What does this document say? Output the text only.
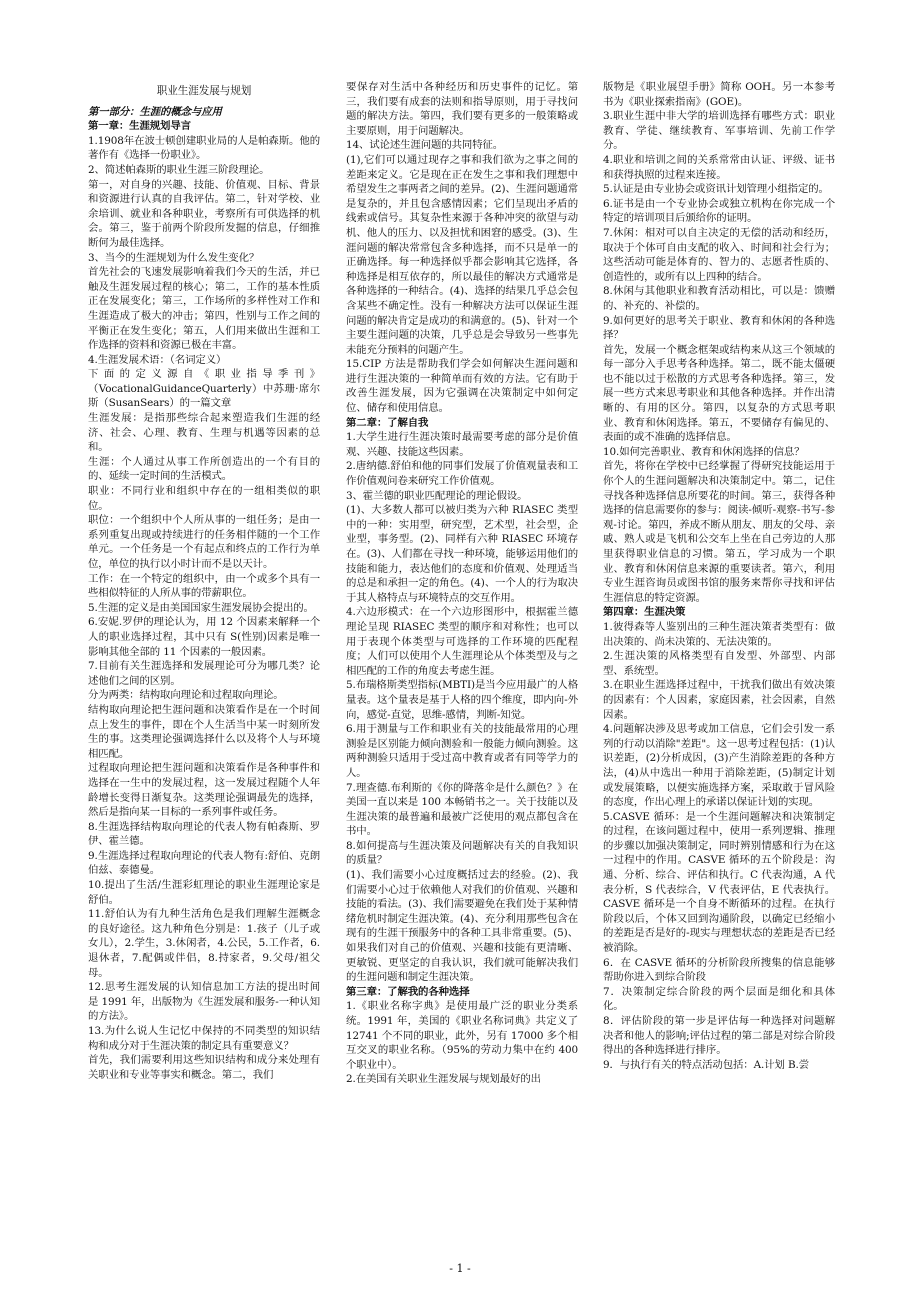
职业生涯发展与规划

第一部分：生涯的概念与应用

第一章：生涯规划导言

1.1908年在波士顿创建职业局的人是帕森斯。他的著作有《选择一份职业》。

2、简述帕森斯的职业生涯三阶段理论。

第一，对自身的兴趣、技能、价值观、目标、背景和资源进行认真的自我评估。第二，针对学校、业余培训、就业和各种职业，考察所有可供选择的机会。第三，鉴于前两个阶段所发掘的信息，仔细推断何为最佳选择。

3、当今的生涯规划为什么发生变化？

首先社会的飞速发展影响着我们今天的生活，并已触及生涯发展过程的核心；第二，工作的基本性质正在发展变化；第三，工作场所的多样性对工作和生涯造成了极大的冲击；第四，性别与工作之间的平衡正在发生变化；第五，人们用来做出生涯和工作选择的资料和资源已极在丰富。

4.生涯发展术语：（名词定义）

下面的定义源自《职业指导季刊》（VocationalGuidanceQuarterly）中苏珊·席尔斯（SusanSears）的一篇文章

生涯发展：是指那些综合起来塑造我们生涯的经济、社会、心理、教育、生理与机遇等因素的总和。

生涯：个人通过从事工作所创造出的一个有目的的、延续一定时间的生活模式。

职业：不同行业和组织中存在的一组相类似的职位。

职位：一个组织中个人所从事的一组任务；是由一系列重复出现或持续进行的任务相伴随的一个工作单元。一个任务是一个有起点和终点的工作行为单位，单位的执行以小时计而不是以天计。

工作：在一个特定的组织中，由一个或多个具有一些相似特征的人所从事的带薪职位。

5.生涯的定义是由美国国家生涯发展协会提出的。

6.安妮.罗伊的理论认为，用 12 个因素来解释一个人的职业选择过程，其中只有 S(性别)因素是唯一影响其他全部的 11 个因素的一般因素。

7.目前有关生涯选择和发展理论可分为哪几类？论述他们之间的区别。

分为两类：结构取向理论和过程取向理论。

结构取向理论把生涯问题和决策看作是在一个时间点上发生的事件，即在个人生活当中某一时刻所发生的事。这类理论强调选择什么以及将个人与环境相匹配。

过程取向理论把生涯问题和决策看作是各种事件和选择在一生中的发展过程，这一发展过程随个人年龄增长变得日渐复杂。这类理论强调最先的选择，然后是指向某一目标的一系列事件或任务。

8.生涯选择结构取向理论的代表人物有帕森斯、罗伊、霍兰德。

9.生涯选择过程取向理论的代表人物有:舒伯、克朗伯兹、泰德曼。

10.提出了生活/生涯彩虹理论的职业生涯理论家是舒伯。

11.舒伯认为有九种生活角色是我们理解生涯概念的良好途径。这九种角色分别是：1.孩子（儿子或女儿），2.学生，3.休闲者，4.公民，5.工作者，6.退休者，7.配偶或伴侣，8.持家者，9.父母/祖父母。

12.思考生涯发展的认知信息加工方法的提出时间是 1991 年，出版物为《生涯发展和服务-一种认知的方法》。

13.为什么说人生记忆中保持的不同类型的知识结构和成分对于生涯决策的制定具有重要意义？

首先，我们需要利用这些知识结构和成分来处理有关职业和专业等事实和概念。第二，我们

要保存对生活中各种经历和历史事件的记忆。第三，我们要有成套的法则和指导原则，用于寻找问题的解决方法。第四，我们要有更多的一般策略或主要原则，用于问题解决。

14、试论述生涯问题的共同特征。

(1),它们可以通过现存之事和我们欲为之事之间的差距来定义。它是现在正在发生之事和我们理想中希望发生之事两者之间的差异。(2)、生涯问题通常是复杂的，并且包含感情因素；它们呈现出矛盾的线索或信号。其复杂性来源于各种冲突的欲望与动机、他人的压力、以及担忧和困窘的感受。(3)、生涯问题的解决常常包含多种选择，而不只是单一的正确选择。每一种选择似乎都会影响其它选择，各种选择是相互依存的，所以最佳的解决方式通常是各种选择的一种结合。(4)、选择的结果几乎总会包含某些不确定性。没有一种解决方法可以保证生涯问题的解决肯定是成功的和满意的。(5)、针对一个主要生涯问题的决策，几乎总是会导致另一些事先未能充分预料的问题产生。

15.CIP 方法是帮助我们学会如何解决生涯问题和进行生涯决策的一种简单而有效的方法。它有助于改善生涯发展，因为它强调在决策制定中如何定位、储存和使用信息。

第二章：了解自我

1.大学生进行生涯决策时最需要考虑的部分是价值观、兴趣、技能这些因素。

2.唐纳德.舒伯和他的同事们发展了价值观量表和工作价值观问卷来研究工作价值观。

3、霍兰德的职业匹配理论的理论假设。

(1)、大多数人都可以被归类为六种 RIASEC 类型中的一种：实用型，研究型，艺术型，社会型，企业型，事务型。(2)、同样有六种 RIASEC 环境存在。(3)、人们都在寻找一种环境，能够运用他们的技能和能力，表达他们的态度和价值观、处理适当的总是和承担一定的角色。(4)、一个人的行为取决于其人格特点与环境特点的交互作用。

4.六边形模式：在一个六边形图形中，根据霍兰德理论呈现 RIASEC 类型的顺序和对称性；也可以用于表现个体类型与可选择的工作环境的匹配程度；人们可以使用个人生涯理论从个体类型及与之相匹配的工作的角度去考虑生涯。

5.布瑞格斯类型指标(MBTI)是当今应用最广的人格量表。这个量表是基于人格的四个维度，即内向-外向，感觉-直觉，思维-感情，判断-知觉。

6.用于测量与工作和职业有关的技能最常用的心理测验是区别能力倾向测验和一般能力倾向测验。这两种测验只适用于受过高中教育或者有同等学力的人。

7.理查德.布利斯的《你的降落伞是什么颜色？》在美国一直以来是 100 本畅销书之一。关于技能以及生涯决策的最普遍和最被广泛使用的观点都包含在书中。

8.如何提高与生涯决策及问题解决有关的自我知识的质量？

(1)、我们需要小心过度概括过去的经验。(2)、我们需要小心过于依赖他人对我们的价值观、兴趣和技能的看法。(3)、我们需要避免在我们处于某种情绪危机时制定生涯决策。(4)、充分利用那些包含在现有的生涯干预服务中的各种工具非常重要。(5)、如果我们对自己的价值观、兴趣和技能有更清晰、更敏锐、更坚定的自我认识，我们就可能解决我们的生涯问题和制定生涯决策。

第三章：了解我的各种选择

1.《职业名称字典》是使用最广泛的职业分类系统。1991 年，美国的《职业名称词典》共定义了 12741 个不同的职业，此外，另有 17000 多个相互交叉的职业名称。（95%的劳动力集中在约 400 个职业中）。

2.在美国有关职业生涯发展与规划最好的出

版物是《职业展望手册》简称 OOH。另一本参考书为《职业探索指南》(GOE)。

3.职业生涯中非大学的培训选择有哪些方式：职业教育、学徒、继续教育、军事培训、先前工作学分。

4.职业和培训之间的关系常常由认证、评级、证书和获得执照的过程来连接。

5.认证是由专业协会或资讯计划管理小组指定的。

6.证书是由一个专业协会或独立机构在你完成一个特定的培训项目后颁给你的证明。

7.休闲：相对可以自主决定的无偿的活动和经历，取决于个体可自由支配的收入、时间和社会行为；这些活动可能是体育的、智力的、志愿者性质的、创造性的，或所有以上四种的结合。

8.休闲与其他职业和教育活动相比，可以是：馈赠的、补充的、补偿的。

9.如何更好的思考关于职业、教育和休闲的各种选择？

首先，发展一个概念框架或结构来从这三个领域的每一部分入手思考各种选择。第二，既不能太僵硬也不能以过于松散的方式思考各种选择。第三，发展一些方式来思考职业和其他各种选择。并作出清晰的、有用的区分。第四，以复杂的方式思考职业、教育和休闲选择。第五，不要储存有偏见的、表面的或不准确的选择信息。

10.如何完善职业、教育和休闲选择的信息？

首先，将你在学校中已经掌握了得研究技能运用于你个人的生涯问题解决和决策制定中。第二，记住寻找各种选择信息所要花的时间。第三，获得各种选择的信息需要你的参与：阅读-倾听-观察-书写-参观-讨论。第四，养成不断从朋友、朋友的父母、亲戚、熟人或是飞机和公交车上坐在自己旁边的人那里获得职业信息的习惯。第五，学习成为一个职业、教育和休闲信息来源的重要读者。第六，利用专业生涯咨询员或图书馆的服务来帮你寻找和评估生涯信息的特定资源。

第四章：生涯决策

1.彼得森等人鉴别出的三种生涯决策者类型有：做出决策的、尚未决策的、无法决策的。

2.生涯决策的风格类型有自发型、外部型、内部型、系统型。

3.在职业生涯选择过程中，干扰我们做出有效决策的因素有：个人因素，家庭因素，社会因素，自然因素。

4.问题解决涉及思考或加工信息，它们会引发一系列的行动以消除"差距"。这一思考过程包括：(1)认识差距，(2)分析成因，(3)产生消除差距的各种方法，(4)从中选出一种用于消除差距，(5)制定计划或发展策略，以便实施选择方案，采取敢于冒风险的态度，作出心理上的承诺以保证计划的实现。

5.CASVE 循环：是一个生涯问题解决和决策制定的过程，在该问题过程中，使用一系列逻辑、推理的步骤以加强决策制定，同时辨别情感和行为在这一过程中的作用。CASVE 循环的五个阶段是：沟通、分析、综合、评估和执行。C 代表沟通，A 代表分析，S 代表综合，V 代表评估，E 代表执行。CASVE 循环是一个自身不断循环的过程。在执行阶段以后，个体又回到沟通阶段，以确定已经缩小的差距是否是好的-现实与理想状态的差距是否已经被消除。

6．在 CASVE 循环的分析阶段所搜集的信息能够帮助你进入到综合阶段

7．决策制定综合阶段的两个层面是细化和具体化。

8．评估阶段的第一步是评估每一种选择对问题解决者和他人的影响;评估过程的第二部是对综合阶段得出的各种选择进行排序。

9．与执行有关的特点活动包括：A.计划 B.尝

- 1 -
